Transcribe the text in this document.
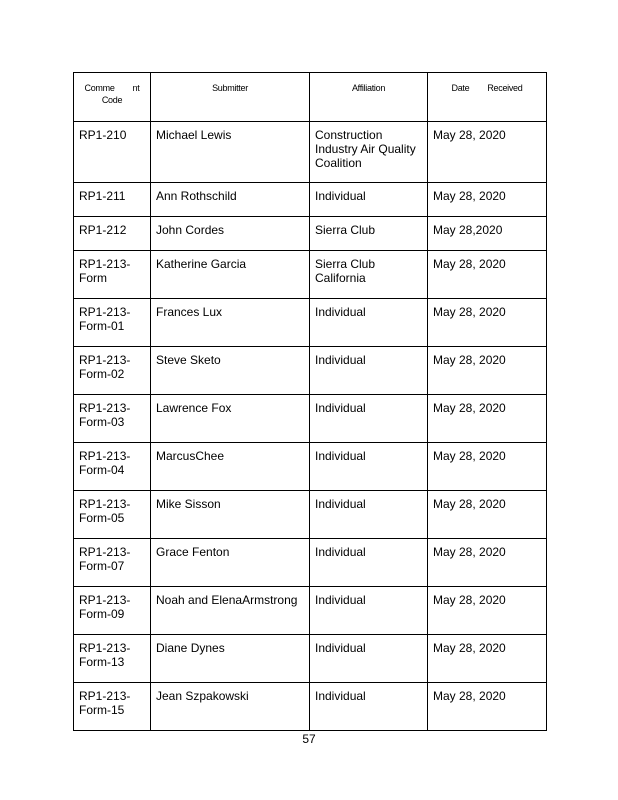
Comme nt
Code	Submitter	Affiliation	Date Received

RP1-210	Michael Lewis	Construction Industry Air Quality Coalition	May 28, 2020

RP1-211	Ann Rothschild	Individual	May 28, 2020

RP1-212	John Cordes	Sierra Club	May 28,2020

RP1-213-Form	Katherine Garcia	Sierra Club California	May 28, 2020

RP1-213-Form-01	Frances Lux	Individual	May 28, 2020

RP1-213-Form-02	Steve Sketo	Individual	May 28, 2020

RP1-213-Form-03	Lawrence Fox	Individual	May 28, 2020

RP1-213-Form-04	MarcusChee	Individual	May 28, 2020

RP1-213-Form-05	Mike Sisson	Individual	May 28, 2020

RP1-213-Form-07	Grace Fenton	Individual	May 28, 2020

RP1-213-Form-09	Noah and ElenaArmstrong	Individual	May 28, 2020

RP1-213-Form-13	Diane Dynes	Individual	May 28, 2020

RP1-213-Form-15	Jean Szpakowski	Individual	May 28, 2020
57
